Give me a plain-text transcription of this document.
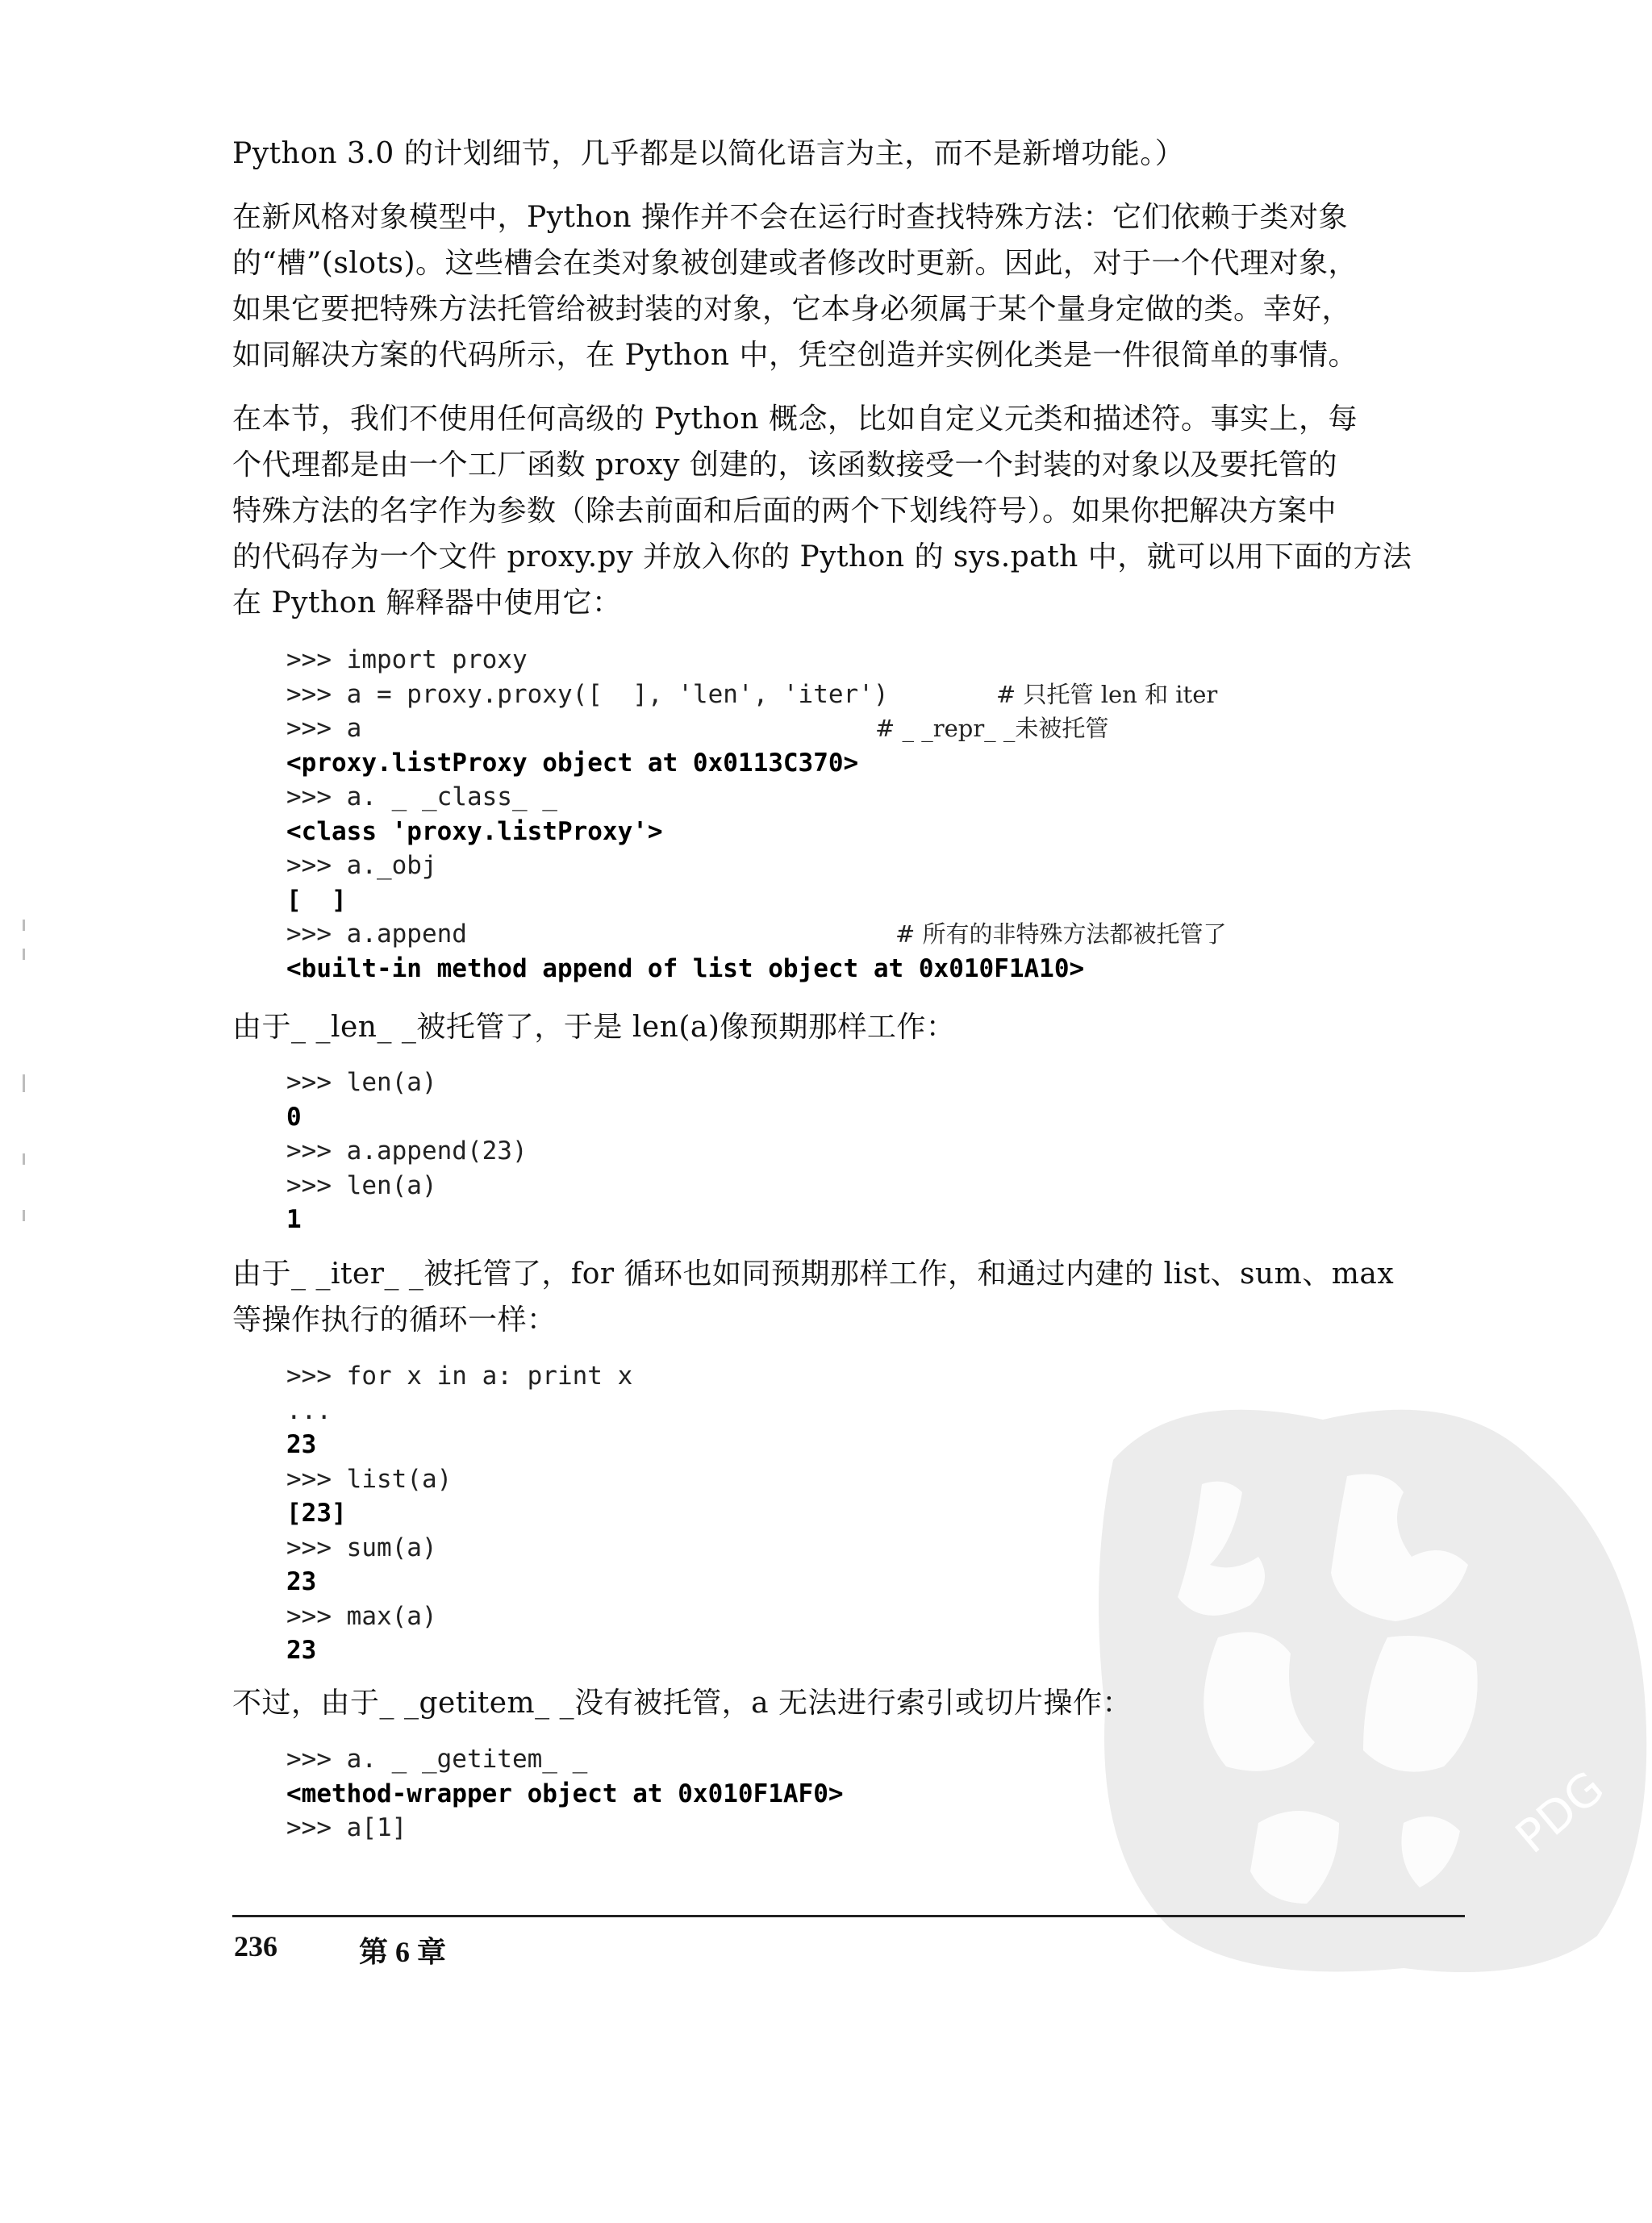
PDG
Python 3.0 的计划细节，几乎都是以简化语言为主，而不是新增功能。）
在新风格对象模型中，Python 操作并不会在运行时查找特殊方法：它们依赖于类对象
的“槽”(slots)。这些槽会在类对象被创建或者修改时更新。因此，对于一个代理对象，
如果它要把特殊方法托管给被封装的对象，它本身必须属于某个量身定做的类。幸好，
如同解决方案的代码所示，在 Python 中，凭空创造并实例化类是一件很简单的事情。
在本节，我们不使用任何高级的 Python 概念，比如自定义元类和描述符。事实上，每
个代理都是由一个工厂函数 proxy 创建的，该函数接受一个封装的对象以及要托管的
特殊方法的名字作为参数（除去前面和后面的两个下划线符号）。如果你把解决方案中
的代码存为一个文件 proxy.py 并放入你的 Python 的 sys.path 中，就可以用下面的方法
在 Python 解释器中使用它：
>>> import proxy
>>> a = proxy.proxy([  ], 'len', 'iter')	# 只托管 len 和 iter
>>> a	# _ _repr_ _未被托管
<proxy.listProxy object at 0x0113C370>
>>> a. _ _class_ _
<class 'proxy.listProxy'>
>>> a._obj
[  ]
>>> a.append	# 所有的非特殊方法都被托管了
<built-in method append of list object at 0x010F1A10>
由于_ _len_ _被托管了，于是 len(a)像预期那样工作：
>>> len(a)
0
>>> a.append(23)
>>> len(a)
1
由于_ _iter_ _被托管了，for 循环也如同预期那样工作，和通过内建的 list、sum、max
等操作执行的循环一样：
>>> for x in a: print x
...
23
>>> list(a)
[23]
>>> sum(a)
23
>>> max(a)
23
不过，由于_ _getitem_ _没有被托管，a 无法进行索引或切片操作：
>>> a. _ _getitem_ _
<method-wrapper object at 0x010F1AF0>
>>> a[1]
236	第 6 章
